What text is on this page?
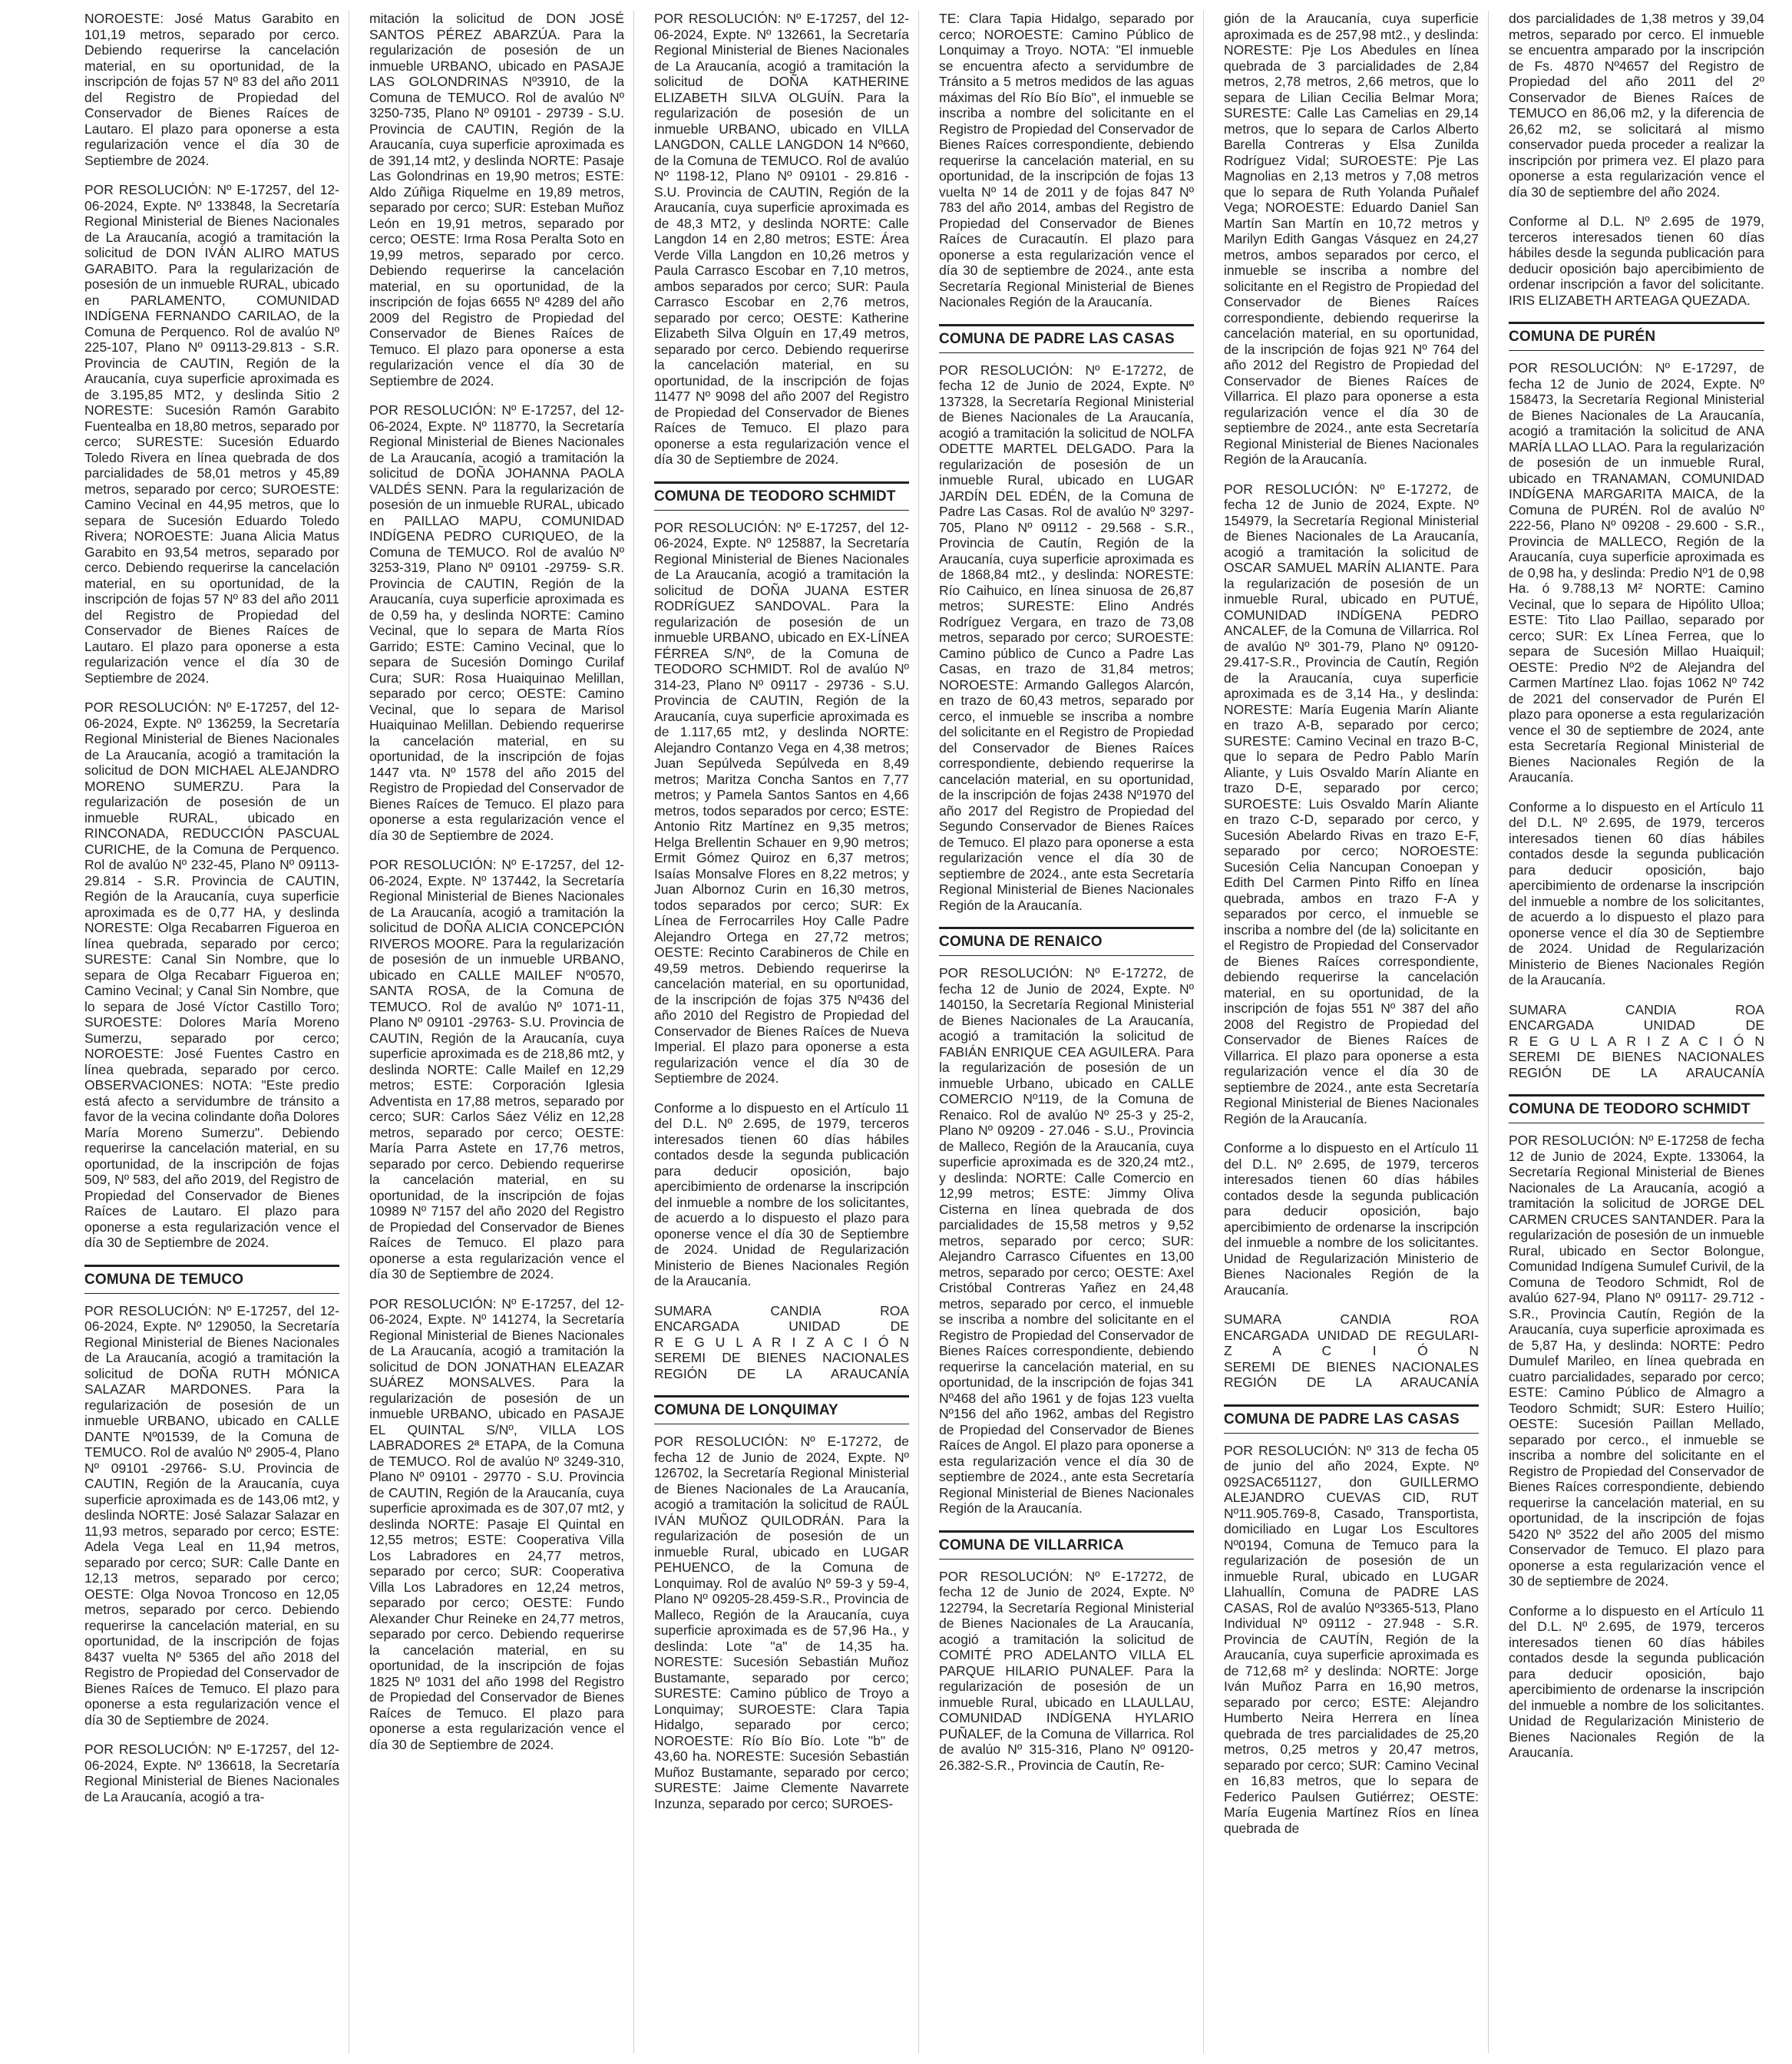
NOROESTE: José Matus Garabito en 101,19 metros, separado por cerco. Debiendo requerirse la cancelación material, en su oportunidad, de la inscripción de fojas 57 Nº 83 del año 2011 del Registro de Propiedad del Conservador de Bienes Raíces de Lautaro. El plazo para oponerse a esta regularización vence el día 30 de Septiembre de 2024.

POR RESOLUCIÓN: Nº E-17257, del 12-06-2024, Expte. Nº 133848, la Secretaría Regional Ministerial de Bienes Nacionales de La Araucanía, acogió a tramitación la solicitud de DON IVÁN ALIRO MATUS GARABITO. Para la regularización de posesión de un inmueble RURAL, ubicado en PARLAMENTO, COMUNIDAD INDÍGENA FERNANDO CARILAO, de la Comuna de Perquenco. Rol de avalúo Nº 225-107, Plano Nº 09113-29.813 - S.R. Provincia de CAUTIN, Región de la Araucanía, cuya superficie aproximada es de 3.195,85 MT2, y deslinda Sitio 2 NORESTE: Sucesión Ramón Garabito Fuentealba en 18,80 metros, separado por cerco; SURESTE: Sucesión Eduardo Toledo Rivera en línea quebrada de dos parcialidades de 58,01 metros y 45,89 metros, separado por cerco; SUROESTE: Camino Vecinal en 44,95 metros, que lo separa de Sucesión Eduardo Toledo Rivera; NOROESTE: Juana Alicia Matus Garabito en 93,54 metros, separado por cerco. Debiendo requerirse la cancelación material, en su oportunidad, de la inscripción de fojas 57 Nº 83 del año 2011 del Registro de Propiedad del Conservador de Bienes Raíces de Lautaro. El plazo para oponerse a esta regularización vence el día 30 de Septiembre de 2024.

POR RESOLUCIÓN: Nº E-17257, del 12-06-2024, Expte. Nº 136259, la Secretaría Regional Ministerial de Bienes Nacionales de La Araucanía, acogió a tramitación la solicitud de DON MICHAEL ALEJANDRO MORENO SUMERZU. Para la regularización de posesión de un inmueble RURAL, ubicado en RINCONADA, REDUCCIÓN PASCUAL CURICHE, de la Comuna de Perquenco. Rol de avalúo Nº 232-45, Plano Nº 09113-29.814 - S.R. Provincia de CAUTIN, Región de la Araucanía, cuya superficie aproximada es de 0,77 HA, y deslinda NORESTE: Olga Recabarren Figueroa en línea quebrada, separado por cerco; SURESTE: Canal Sin Nombre, que lo separa de Olga Recabarr Figueroa en; Camino Vecinal; y Canal Sin Nombre, que lo separa de José Víctor Castillo Toro; SUROESTE: Dolores María Moreno Sumerzu, separado por cerco; NOROESTE: José Fuentes Castro en línea quebrada, separado por cerco. OBSERVACIONES: NOTA: "Este predio está afecto a servidumbre de tránsito a favor de la vecina colindante doña Dolores María Moreno Sumerzu". Debiendo requerirse la cancelación material, en su oportunidad, de la inscripción de fojas 509, Nº 583, del año 2019, del Registro de Propiedad del Conservador de Bienes Raíces de Lautaro. El plazo para oponerse a esta regularización vence el día 30 de Septiembre de 2024.

COMUNA DE TEMUCO

POR RESOLUCIÓN: Nº E-17257, del 12-06-2024, Expte. Nº 129050, la Secretaría Regional Ministerial de Bienes Nacionales de La Araucanía, acogió a tramitación la solicitud de DOÑA RUTH MÓNICA SALAZAR MARDONES. Para la regularización de posesión de un inmueble URBANO, ubicado en CALLE DANTE Nº01539, de la Comuna de TEMUCO. Rol de avalúo Nº 2905-4, Plano Nº 09101 -29766- S.U. Provincia de CAUTIN, Región de la Araucanía, cuya superficie aproximada es de 143,06 mt2, y deslinda NORTE: José Salazar Salazar en 11,93 metros, separado por cerco; ESTE: Adela Vega Leal en 11,94 metros, separado por cerco; SUR: Calle Dante en 12,13 metros, separado por cerco; OESTE: Olga Novoa Troncoso en 12,05 metros, separado por cerco. Debiendo requerirse la cancelación material, en su oportunidad, de la inscripción de fojas 8437 vuelta Nº 5365 del año 2018 del Registro de Propiedad del Conservador de Bienes Raíces de Temuco. El plazo para oponerse a esta regularización vence el día 30 de Septiembre de 2024.

POR RESOLUCIÓN: Nº E-17257, del 12-06-2024, Expte. Nº 136618, la Secretaría Regional Ministerial de Bienes Nacionales de La Araucanía, acogió a tra-

mitación la solicitud de DON JOSÉ SANTOS PÉREZ ABARZÚA. Para la regularización de posesión de un inmueble URBANO, ubicado en PASAJE LAS GOLONDRINAS Nº3910, de la Comuna de TEMUCO. Rol de avalúo Nº 3250-735, Plano Nº 09101 - 29739 - S.U. Provincia de CAUTIN, Región de la Araucanía, cuya superficie aproximada es de 391,14 mt2, y deslinda NORTE: Pasaje Las Golondrinas en 19,90 metros; ESTE: Aldo Zúñiga Riquelme en 19,89 metros, separado por cerco; SUR: Esteban Muñoz León en 19,91 metros, separado por cerco; OESTE: Irma Rosa Peralta Soto en 19,99 metros, separado por cerco. Debiendo requerirse la cancelación material, en su oportunidad, de la inscripción de fojas 6655 Nº 4289 del año 2009 del Registro de Propiedad del Conservador de Bienes Raíces de Temuco. El plazo para oponerse a esta regularización vence el día 30 de Septiembre de 2024.

POR RESOLUCIÓN: Nº E-17257, del 12-06-2024, Expte. Nº 118770, la Secretaría Regional Ministerial de Bienes Nacionales de La Araucanía, acogió a tramitación la solicitud de DOÑA JOHANNA PAOLA VALDÉS SENN. Para la regularización de posesión de un inmueble RURAL, ubicado en PAILLAO MAPU, COMUNIDAD INDÍGENA PEDRO CURIQUEO, de la Comuna de TEMUCO. Rol de avalúo Nº 3253-319, Plano Nº 09101 -29759- S.R. Provincia de CAUTIN, Región de la Araucanía, cuya superficie aproximada es de 0,59 ha, y deslinda NORTE: Camino Vecinal, que lo separa de Marta Ríos Garrido; ESTE: Camino Vecinal, que lo separa de Sucesión Domingo Curilaf Cura; SUR: Rosa Huaiquinao Melillan, separado por cerco; OESTE: Camino Vecinal, que lo separa de Marisol Huaiquinao Melillan. Debiendo requerirse la cancelación material, en su oportunidad, de la inscripción de fojas 1447 vta. Nº 1578 del año 2015 del Registro de Propiedad del Conservador de Bienes Raíces de Temuco. El plazo para oponerse a esta regularización vence el día 30 de Septiembre de 2024.

POR RESOLUCIÓN: Nº E-17257, del 12-06-2024, Expte. Nº 137442, la Secretaría Regional Ministerial de Bienes Nacionales de La Araucanía, acogió a tramitación la solicitud de DOÑA ALICIA CONCEPCIÓN RIVEROS MOORE. Para la regularización de posesión de un inmueble URBANO, ubicado en CALLE MAILEF Nº0570, SANTA ROSA, de la Comuna de TEMUCO. Rol de avalúo Nº 1071-11, Plano Nº 09101 -29763- S.U. Provincia de CAUTIN, Región de la Araucanía, cuya superficie aproximada es de 218,86 mt2, y deslinda NORTE: Calle Mailef en 12,29 metros; ESTE: Corporación Iglesia Adventista en 17,88 metros, separado por cerco; SUR: Carlos Sáez Véliz en 12,28 metros, separado por cerco; OESTE: María Parra Astete en 17,76 metros, separado por cerco. Debiendo requerirse la cancelación material, en su oportunidad, de la inscripción de fojas 10989 Nº 7157 del año 2020 del Registro de Propiedad del Conservador de Bienes Raíces de Temuco. El plazo para oponerse a esta regularización vence el día 30 de Septiembre de 2024.

POR RESOLUCIÓN: Nº E-17257, del 12-06-2024, Expte. Nº 141274, la Secretaría Regional Ministerial de Bienes Nacionales de La Araucanía, acogió a tramitación la solicitud de DON JONATHAN ELEAZAR SUÁREZ MONSALVES. Para la regularización de posesión de un inmueble URBANO, ubicado en PASAJE EL QUINTAL S/Nº, VILLA LOS LABRADORES 2ª ETAPA, de la Comuna de TEMUCO. Rol de avalúo Nº 3249-310, Plano Nº 09101 - 29770 - S.U. Provincia de CAUTIN, Región de la Araucanía, cuya superficie aproximada es de 307,07 mt2, y deslinda NORTE: Pasaje El Quintal en 12,55 metros; ESTE: Cooperativa Villa Los Labradores en 24,77 metros, separado por cerco; SUR: Cooperativa Villa Los Labradores en 12,24 metros, separado por cerco; OESTE: Fundo Alexander Chur Reineke en 24,77 metros, separado por cerco. Debiendo requerirse la cancelación material, en su oportunidad, de la inscripción de fojas 1825 Nº 1031 del año 1998 del Registro de Propiedad del Conservador de Bienes Raíces de Temuco. El plazo para oponerse a esta regularización vence el día 30 de Septiembre de 2024.

POR RESOLUCIÓN: Nº E-17257, del 12-06-2024, Expte. Nº 132661, la Secretaría Regional Ministerial de Bienes Nacionales de La Araucanía, acogió a tramitación la solicitud de DOÑA KATHERINE ELIZABETH SILVA OLGUÍN. Para la regularización de posesión de un inmueble URBANO, ubicado en VILLA LANGDON, CALLE LANGDON 14 Nº660, de la Comuna de TEMUCO. Rol de avalúo Nº 1198-12, Plano Nº 09101 - 29.816 - S.U. Provincia de CAUTIN, Región de la Araucanía, cuya superficie aproximada es de 48,3 MT2, y deslinda NORTE: Calle Langdon 14 en 2,80 metros; ESTE: Área Verde Villa Langdon en 10,26 metros y Paula Carrasco Escobar en 7,10 metros, ambos separados por cerco; SUR: Paula Carrasco Escobar en 2,76 metros, separado por cerco; OESTE: Katherine Elizabeth Silva Olguín en 17,49 metros, separado por cerco. Debiendo requerirse la cancelación material, en su oportunidad, de la inscripción de fojas 11477 Nº 9098 del año 2007 del Registro de Propiedad del Conservador de Bienes Raíces de Temuco. El plazo para oponerse a esta regularización vence el día 30 de Septiembre de 2024.

COMUNA DE TEODORO SCHMIDT

POR RESOLUCIÓN: Nº E-17257, del 12-06-2024, Expte. Nº 125887, la Secretaría Regional Ministerial de Bienes Nacionales de La Araucanía, acogió a tramitación la solicitud de DOÑA JUANA ESTER RODRÍGUEZ SANDOVAL. Para la regularización de posesión de un inmueble URBANO, ubicado en EX-LÍNEA FÉRREA S/Nº, de la Comuna de TEODORO SCHMIDT. Rol de avalúo Nº 314-23, Plano Nº 09117 - 29736 - S.U. Provincia de CAUTIN, Región de la Araucanía, cuya superficie aproximada es de 1.117,65 mt2, y deslinda NORTE: Alejandro Contanzo Vega en 4,38 metros; Juan Sepúlveda Sepúlveda en 8,49 metros; Maritza Concha Santos en 7,77 metros; y Pamela Santos Santos en 4,66 metros, todos separados por cerco; ESTE: Antonio Ritz Martínez en 9,35 metros; Helga Brellentin Schauer en 9,90 metros; Ermit Gómez Quiroz en 6,37 metros; Isaías Monsalve Flores en 8,22 metros; y Juan Albornoz Curin en 16,30 metros, todos separados por cerco; SUR: Ex Línea de Ferrocarriles Hoy Calle Padre Alejandro Ortega en 27,72 metros; OESTE: Recinto Carabineros de Chile en 49,59 metros. Debiendo requerirse la cancelación material, en su oportunidad, de la inscripción de fojas 375 Nº436 del año 2010 del Registro de Propiedad del Conservador de Bienes Raíces de Nueva Imperial. El plazo para oponerse a esta regularización vence el día 30 de Septiembre de 2024.

Conforme a lo dispuesto en el Artículo 11 del D.L. Nº 2.695, de 1979, terceros interesados tienen 60 días hábiles contados desde la segunda publicación para deducir oposición, bajo apercibimiento de ordenarse la inscripción del inmueble a nombre de los solicitantes, de acuerdo a lo dispuesto el plazo para oponerse vence el día 30 de Septiembre de 2024. Unidad de Regularización Ministerio de Bienes Nacionales Región de la Araucanía.

SUMARA CANDIA ROA
ENCARGADA UNIDAD DE
R E G U L A R I Z A C I Ó N
SEREMI DE BIENES NACIONALES
REGIÓN DE LA ARAUCANÍA
COMUNA DE LONQUIMAY

POR RESOLUCIÓN: Nº E-17272, de fecha 12 de Junio de 2024, Expte. Nº 126702, la Secretaría Regional Ministerial de Bienes Nacionales de La Araucanía, acogió a tramitación la solicitud de RAÚL IVÁN MUÑOZ QUILODRÁN. Para la regularización de posesión de un inmueble Rural, ubicado en LUGAR PEHUENCO, de la Comuna de Lonquimay. Rol de avalúo Nº 59-3 y 59-4, Plano Nº 09205-28.459-S.R., Provincia de Malleco, Región de la Araucanía, cuya superficie aproximada es de 57,96 Ha., y deslinda: Lote "a" de 14,35 ha. NORESTE: Sucesión Sebastián Muñoz Bustamante, separado por cerco; SURESTE: Camino público de Troyo a Lonquimay; SUROESTE: Clara Tapia Hidalgo, separado por cerco; NOROESTE: Río Bío Bío. Lote "b" de 43,60 ha. NORESTE: Sucesión Sebastián Muñoz Bustamante, separado por cerco; SURESTE: Jaime Clemente Navarrete Inzunza, separado por cerco; SUROES-

TE: Clara Tapia Hidalgo, separado por cerco; NOROESTE: Camino Público de Lonquimay a Troyo. NOTA: "El inmueble se encuentra afecto a servidumbre de Tránsito a 5 metros medidos de las aguas máximas del Río Bío Bío", el inmueble se inscriba a nombre del solicitante en el Registro de Propiedad del Conservador de Bienes Raíces correspondiente, debiendo requerirse la cancelación material, en su oportunidad, de la inscripción de fojas 13 vuelta Nº 14 de 2011 y de fojas 847 Nº 783 del año 2014, ambas del Registro de Propiedad del Conservador de Bienes Raíces de Curacautín. El plazo para oponerse a esta regularización vence el día 30 de septiembre de 2024., ante esta Secretaría Regional Ministerial de Bienes Nacionales Región de la Araucanía.

COMUNA DE PADRE LAS CASAS

POR RESOLUCIÓN: Nº E-17272, de fecha 12 de Junio de 2024, Expte. Nº 137328, la Secretaría Regional Ministerial de Bienes Nacionales de La Araucanía, acogió a tramitación la solicitud de NOLFA ODETTE MARTEL DELGADO. Para la regularización de posesión de un inmueble Rural, ubicado en LUGAR JARDÍN DEL EDÉN, de la Comuna de Padre Las Casas. Rol de avalúo Nº 3297-705, Plano Nº 09112 - 29.568 - S.R., Provincia de Cautín, Región de la Araucanía, cuya superficie aproximada es de 1868,84 mt2., y deslinda: NORESTE: Río Caihuico, en línea sinuosa de 26,87 metros; SURESTE: Elino Andrés Rodríguez Vergara, en trazo de 73,08 metros, separado por cerco; SUROESTE: Camino público de Cunco a Padre Las Casas, en trazo de 31,84 metros; NOROESTE: Armando Gallegos Alarcón, en trazo de 60,43 metros, separado por cerco, el inmueble se inscriba a nombre del solicitante en el Registro de Propiedad del Conservador de Bienes Raíces correspondiente, debiendo requerirse la cancelación material, en su oportunidad, de la inscripción de fojas 2438 Nº1970 del año 2017 del Registro de Propiedad del Segundo Conservador de Bienes Raíces de Temuco. El plazo para oponerse a esta regularización vence el día 30 de septiembre de 2024., ante esta Secretaría Regional Ministerial de Bienes Nacionales Región de la Araucanía.

COMUNA DE RENAICO

POR RESOLUCIÓN: Nº E-17272, de fecha 12 de Junio de 2024, Expte. Nº 140150, la Secretaría Regional Ministerial de Bienes Nacionales de La Araucanía, acogió a tramitación la solicitud de FABIÁN ENRIQUE CEA AGUILERA. Para la regularización de posesión de un inmueble Urbano, ubicado en CALLE COMERCIO Nº119, de la Comuna de Renaico. Rol de avalúo Nº 25-3 y 25-2, Plano Nº 09209 - 27.046 - S.U., Provincia de Malleco, Región de la Araucanía, cuya superficie aproximada es de 320,24 mt2., y deslinda: NORTE: Calle Comercio en 12,99 metros; ESTE: Jimmy Oliva Cisterna en línea quebrada de dos parcialidades de 15,58 metros y 9,52 metros, separado por cerco; SUR: Alejandro Carrasco Cifuentes en 13,00 metros, separado por cerco; OESTE: Axel Cristóbal Contreras Yañez en 24,48 metros, separado por cerco, el inmueble se inscriba a nombre del solicitante en el Registro de Propiedad del Conservador de Bienes Raíces correspondiente, debiendo requerirse la cancelación material, en su oportunidad, de la inscripción de fojas 341 Nº468 del año 1961 y de fojas 123 vuelta Nº156 del año 1962, ambas del Registro de Propiedad del Conservador de Bienes Raíces de Angol. El plazo para oponerse a esta regularización vence el día 30 de septiembre de 2024., ante esta Secretaría Regional Ministerial de Bienes Nacionales Región de la Araucanía.

COMUNA DE VILLARRICA

POR RESOLUCIÓN: Nº E-17272, de fecha 12 de Junio de 2024, Expte. Nº 122794, la Secretaría Regional Ministerial de Bienes Nacionales de La Araucanía, acogió a tramitación la solicitud de COMITÉ PRO ADELANTO VILLA EL PARQUE HILARIO PUNALEF. Para la regularización de posesión de un inmueble Rural, ubicado en LLAULLAU, COMUNIDAD INDÍGENA HYLARIO PUÑALEF, de la Comuna de Villarrica. Rol de avalúo Nº 315-316, Plano Nº 09120-26.382-S.R., Provincia de Cautín, Re-

gión de la Araucanía, cuya superficie aproximada es de 257,98 mt2., y deslinda: NORESTE: Pje Los Abedules en línea quebrada de 3 parcialidades de 2,84 metros, 2,78 metros, 2,66 metros, que lo separa de Lilian Cecilia Belmar Mora; SURESTE: Calle Las Camelias en 29,14 metros, que lo separa de Carlos Alberto Barella Contreras y Elsa Zunilda Rodríguez Vidal; SUROESTE: Pje Las Magnolias en 2,13 metros y 7,08 metros que lo separa de Ruth Yolanda Puñalef Vega; NOROESTE: Eduardo Daniel San Martín San Martín en 10,72 metros y Marilyn Edith Gangas Vásquez en 24,27 metros, ambos separados por cerco, el inmueble se inscriba a nombre del solicitante en el Registro de Propiedad del Conservador de Bienes Raíces correspondiente, debiendo requerirse la cancelación material, en su oportunidad, de la inscripción de fojas 921 Nº 764 del año 2012 del Registro de Propiedad del Conservador de Bienes Raíces de Villarrica. El plazo para oponerse a esta regularización vence el día 30 de septiembre de 2024., ante esta Secretaría Regional Ministerial de Bienes Nacionales Región de la Araucanía.

POR RESOLUCIÓN: Nº E-17272, de fecha 12 de Junio de 2024, Expte. Nº 154979, la Secretaría Regional Ministerial de Bienes Nacionales de La Araucanía, acogió a tramitación la solicitud de OSCAR SAMUEL MARÍN ALIANTE. Para la regularización de posesión de un inmueble Rural, ubicado en PUTUÉ, COMUNIDAD INDÍGENA PEDRO ANCALEF, de la Comuna de Villarrica. Rol de avalúo Nº 301-79, Plano Nº 09120-29.417-S.R., Provincia de Cautín, Región de la Araucanía, cuya superficie aproximada es de 3,14 Ha., y deslinda: NORESTE: María Eugenia Marín Aliante en trazo A-B, separado por cerco; SURESTE: Camino Vecinal en trazo B-C, que lo separa de Pedro Pablo Marín Aliante, y Luis Osvaldo Marín Aliante en trazo D-E, separado por cerco; SUROESTE: Luis Osvaldo Marín Aliante en trazo C-D, separado por cerco, y Sucesión Abelardo Rivas en trazo E-F, separado por cerco; NOROESTE: Sucesión Celia Nancupan Conoepan y Edith Del Carmen Pinto Riffo en línea quebrada, ambos en trazo F-A y separados por cerco, el inmueble se inscriba a nombre del (de la) solicitante en el Registro de Propiedad del Conservador de Bienes Raíces correspondiente, debiendo requerirse la cancelación material, en su oportunidad, de la inscripción de fojas 551 Nº 387 del año 2008 del Registro de Propiedad del Conservador de Bienes Raíces de Villarrica. El plazo para oponerse a esta regularización vence el día 30 de septiembre de 2024., ante esta Secretaría Regional Ministerial de Bienes Nacionales Región de la Araucanía.

Conforme a lo dispuesto en el Artículo 11 del D.L. Nº 2.695, de 1979, terceros interesados tienen 60 días hábiles contados desde la segunda publicación para deducir oposición, bajo apercibimiento de ordenarse la inscripción del inmueble a nombre de los solicitantes. Unidad de Regularización Ministerio de Bienes Nacionales Región de la Araucanía.

SUMARA CANDIA ROA
ENCARGADA UNIDAD DE REGULARI-
Z A C I Ó N
SEREMI DE BIENES NACIONALES
REGIÓN DE LA ARAUCANÍA
COMUNA DE PADRE LAS CASAS

POR RESOLUCIÓN: Nº 313 de fecha 05 de junio del año 2024, Expte. Nº 092SAC651127, don GUILLERMO ALEJANDRO CUEVAS CID, RUT Nº11.905.769-8, Casado, Transportista, domiciliado en Lugar Los Escultores Nº0194, Comuna de Temuco para la regularización de posesión de un inmueble Rural, ubicado en LUGAR Llahuallín, Comuna de PADRE LAS CASAS, Rol de avalúo Nº3365-513, Plano Individual Nº 09112 - 27.948 - S.R. Provincia de CAUTÍN, Región de la Araucanía, cuya superficie aproximada es de 712,68 m² y deslinda: NORTE: Jorge Iván Muñoz Parra en 16,90 metros, separado por cerco; ESTE: Alejandro Humberto Neira Herrera en línea quebrada de tres parcialidades de 25,20 metros, 0,25 metros y 20,47 metros, separado por cerco; SUR: Camino Vecinal en 16,83 metros, que lo separa de Federico Paulsen Gutiérrez; OESTE: María Eugenia Martínez Ríos en línea quebrada de

dos parcialidades de 1,38 metros y 39,04 metros, separado por cerco. El inmueble se encuentra amparado por la inscripción de Fs. 4870 Nº4657 del Registro de Propiedad del año 2011 del 2º Conservador de Bienes Raíces de TEMUCO en 86,06 m2, y la diferencia de 26,62 m2, se solicitará al mismo conservador pueda proceder a realizar la inscripción por primera vez. El plazo para oponerse a esta regularización vence el día 30 de septiembre del año 2024.

Conforme al D.L. Nº 2.695 de 1979, terceros interesados tienen 60 días hábiles desde la segunda publicación para deducir oposición bajo apercibimiento de ordenar inscripción a favor del solicitante. IRIS ELIZABETH ARTEAGA QUEZADA.

COMUNA DE PURÉN

POR RESOLUCIÓN: Nº E-17297, de fecha 12 de Junio de 2024, Expte. Nº 158473, la Secretaría Regional Ministerial de Bienes Nacionales de La Araucanía, acogió a tramitación la solicitud de ANA MARÍA LLAO LLAO. Para la regularización de posesión de un inmueble Rural, ubicado en TRANAMAN, COMUNIDAD INDÍGENA MARGARITA MAICA, de la Comuna de PURÉN. Rol de avalúo Nº 222-56, Plano Nº 09208 - 29.600 - S.R., Provincia de MALLECO, Región de la Araucanía, cuya superficie aproximada es de 0,98 ha, y deslinda: Predio Nº1 de 0,98 Ha. ó 9.788,13 M² NORTE: Camino Vecinal, que lo separa de Hipólito Ulloa; ESTE: Tito Llao Paillao, separado por cerco; SUR: Ex Línea Ferrea, que lo separa de Sucesión Millao Huaiquil; OESTE: Predio Nº2 de Alejandra del Carmen Martínez Llao. fojas 1062 Nº 742 de 2021 del conservador de Purén El plazo para oponerse a esta regularización vence el 30 de septiembre de 2024, ante esta Secretaría Regional Ministerial de Bienes Nacionales Región de la Araucanía.

Conforme a lo dispuesto en el Artículo 11 del D.L. Nº 2.695, de 1979, terceros interesados tienen 60 días hábiles contados desde la segunda publicación para deducir oposición, bajo apercibimiento de ordenarse la inscripción del inmueble a nombre de los solicitantes, de acuerdo a lo dispuesto el plazo para oponerse vence el día 30 de Septiembre de 2024. Unidad de Regularización Ministerio de Bienes Nacionales Región de la Araucanía.

SUMARA CANDIA ROA
ENCARGADA UNIDAD DE
R E G U L A R I Z A C I Ó N
SEREMI DE BIENES NACIONALES
REGIÓN DE LA ARAUCANÍA
COMUNA DE TEODORO SCHMIDT

POR RESOLUCIÓN: Nº E-17258 de fecha 12 de Junio de 2024, Expte. 133064, la Secretaría Regional Ministerial de Bienes Nacionales de La Araucanía, acogió a tramitación la solicitud de JORGE DEL CARMEN CRUCES SANTANDER. Para la regularización de posesión de un inmueble Rural, ubicado en Sector Bolongue, Comunidad Indígena Sumulef Curivil, de la Comuna de Teodoro Schmidt, Rol de avalúo 627-94, Plano Nº 09117- 29.712 - S.R., Provincia Cautín, Región de la Araucanía, cuya superficie aproximada es de 5,87 Ha, y deslinda: NORTE: Pedro Dumulef Marileo, en línea quebrada en cuatro parcialidades, separado por cerco; ESTE: Camino Público de Almagro a Teodoro Schmidt; SUR: Estero Huilío; OESTE: Sucesión Paillan Mellado, separado por cerco., el inmueble se inscriba a nombre del solicitante en el Registro de Propiedad del Conservador de Bienes Raíces correspondiente, debiendo requerirse la cancelación material, en su oportunidad, de la inscripción de fojas 5420 Nº 3522 del año 2005 del mismo Conservador de Temuco. El plazo para oponerse a esta regularización vence el 30 de septiembre de 2024.

Conforme a lo dispuesto en el Artículo 11 del D.L. Nº 2.695, de 1979, terceros interesados tienen 60 días hábiles contados desde la segunda publicación para deducir oposición, bajo apercibimiento de ordenarse la inscripción del inmueble a nombre de los solicitantes. Unidad de Regularización Ministerio de Bienes Nacionales Región de la Araucanía.
